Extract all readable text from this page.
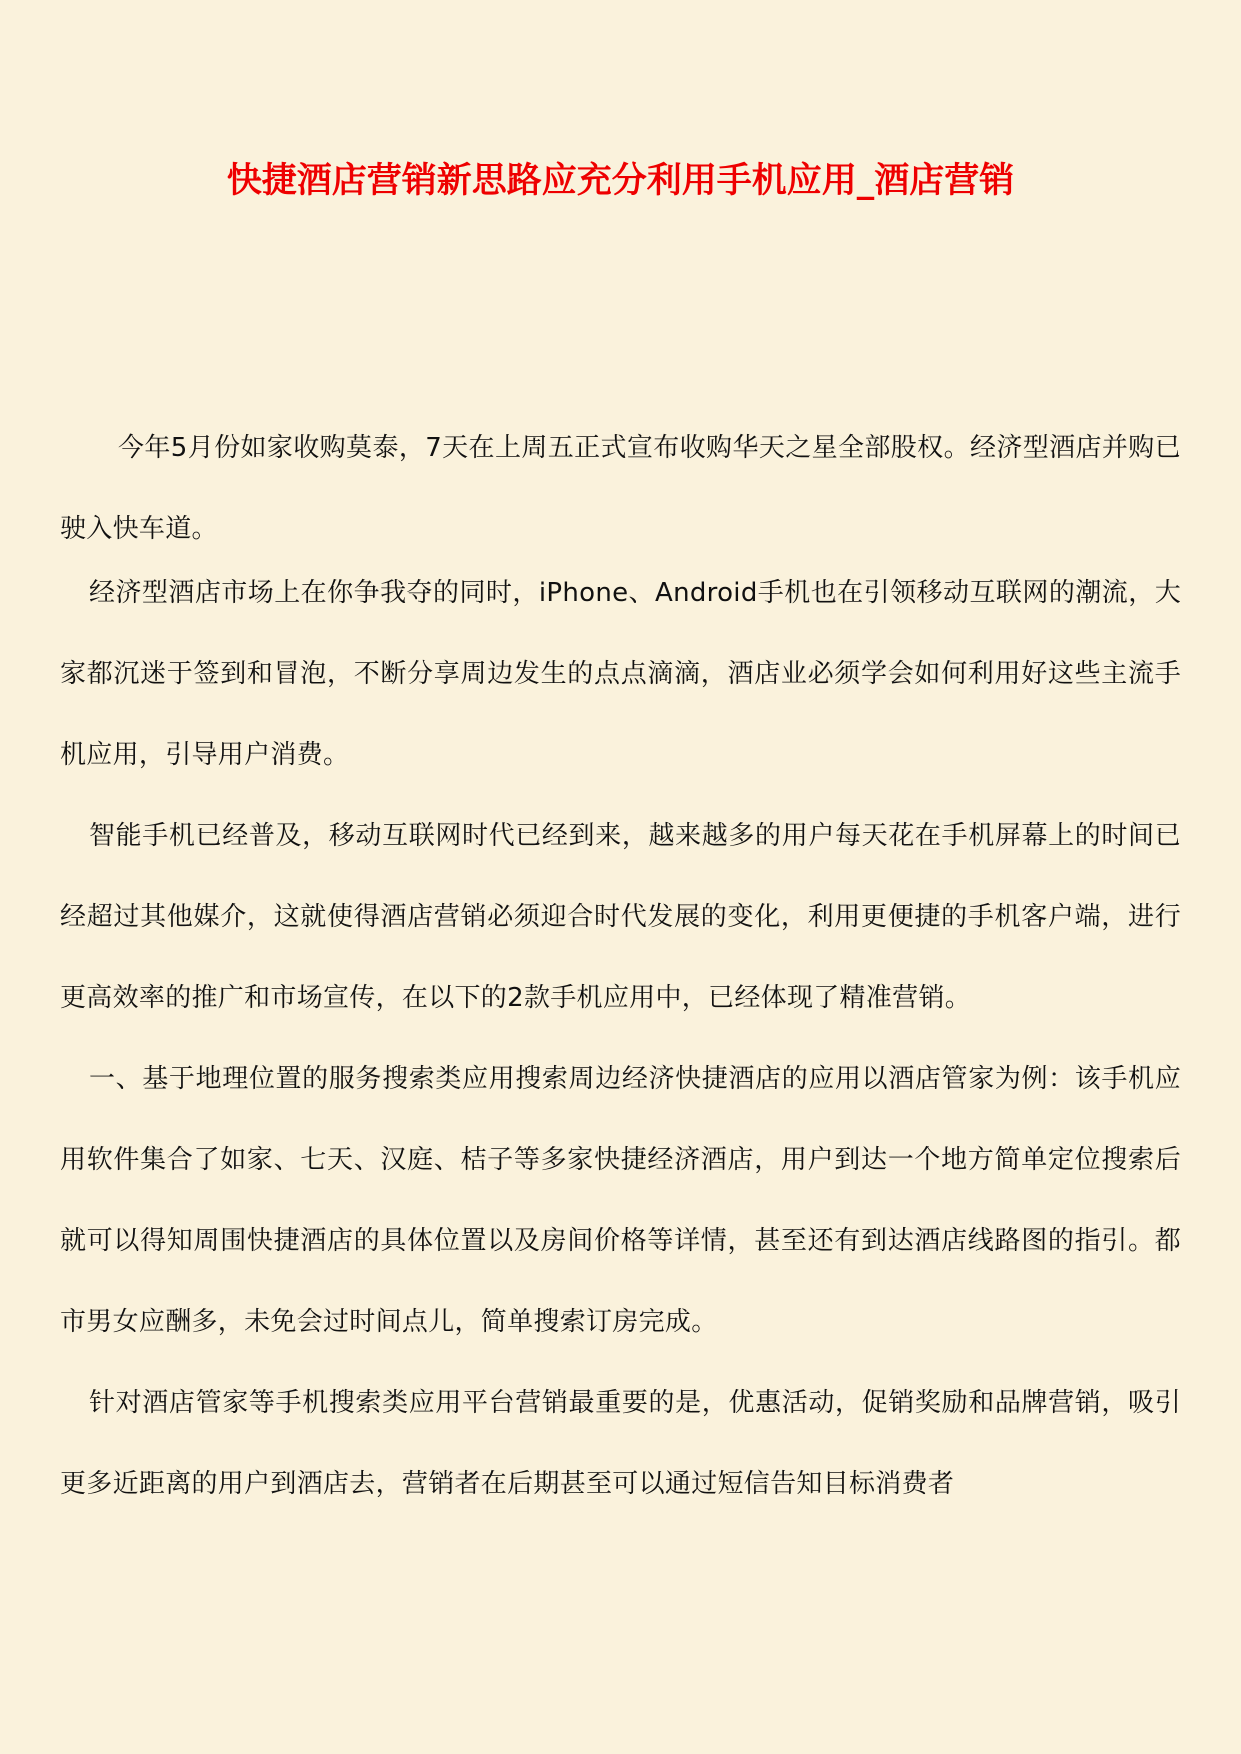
快捷酒店营销新思路应充分利用手机应用_酒店营销

今年5月份如家收购莫泰，7天在上周五正式宣布收购华天之星全部股权。经济型酒店并购已驶入快车道。

经济型酒店市场上在你争我夺的同时，iPhone、Android手机也在引领移动互联网的潮流，大家都沉迷于签到和冒泡，不断分享周边发生的点点滴滴，酒店业必须学会如何利用好这些主流手机应用，引导用户消费。

智能手机已经普及，移动互联网时代已经到来，越来越多的用户每天花在手机屏幕上的时间已经超过其他媒介，这就使得酒店营销必须迎合时代发展的变化，利用更便捷的手机客户端，进行更高效率的推广和市场宣传，在以下的2款手机应用中，已经体现了精准营销。

一、基于地理位置的服务搜索类应用搜索周边经济快捷酒店的应用以酒店管家为例：该手机应用软件集合了如家、七天、汉庭、桔子等多家快捷经济酒店，用户到达一个地方简单定位搜索后就可以得知周围快捷酒店的具体位置以及房间价格等详情，甚至还有到达酒店线路图的指引。都市男女应酬多，未免会过时间点儿，简单搜索订房完成。

针对酒店管家等手机搜索类应用平台营销最重要的是，优惠活动，促销奖励和品牌营销，吸引更多近距离的用户到酒店去，营销者在后期甚至可以通过短信告知目标消费者
